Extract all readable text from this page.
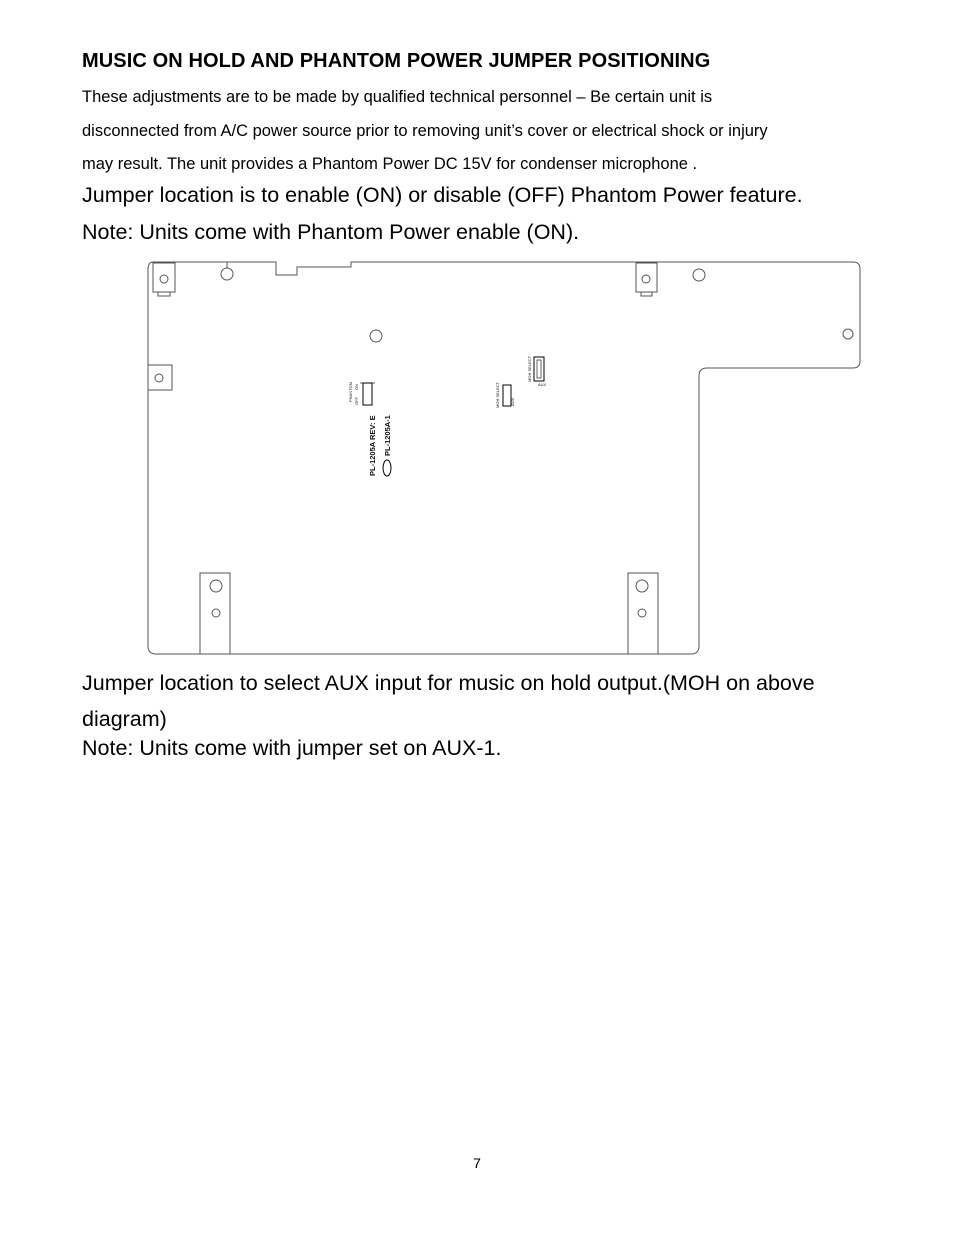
MUSIC ON HOLD AND PHANTOM POWER JUMPER POSITIONING
These adjustments are to be made by qualified technical personnel – Be certain unit is
disconnected from A/C power source prior to removing unit’s cover or electrical shock or injury
may result. The unit provides a Phantom Power DC 15V for condenser microphone .
Jumper location is to enable (ON) or disable (OFF) Phantom Power feature.
Note: Units come with Phantom Power enable (ON).
PHANTOM OFF
ON
PL-1205A REV: E PL-1205A-1
MOH SELECT	AUX
MOH SELECT
AUX
Jumper location to select AUX input for music on hold output.(MOH on above
diagram)
Note: Units come with jumper set on AUX-1.
7
